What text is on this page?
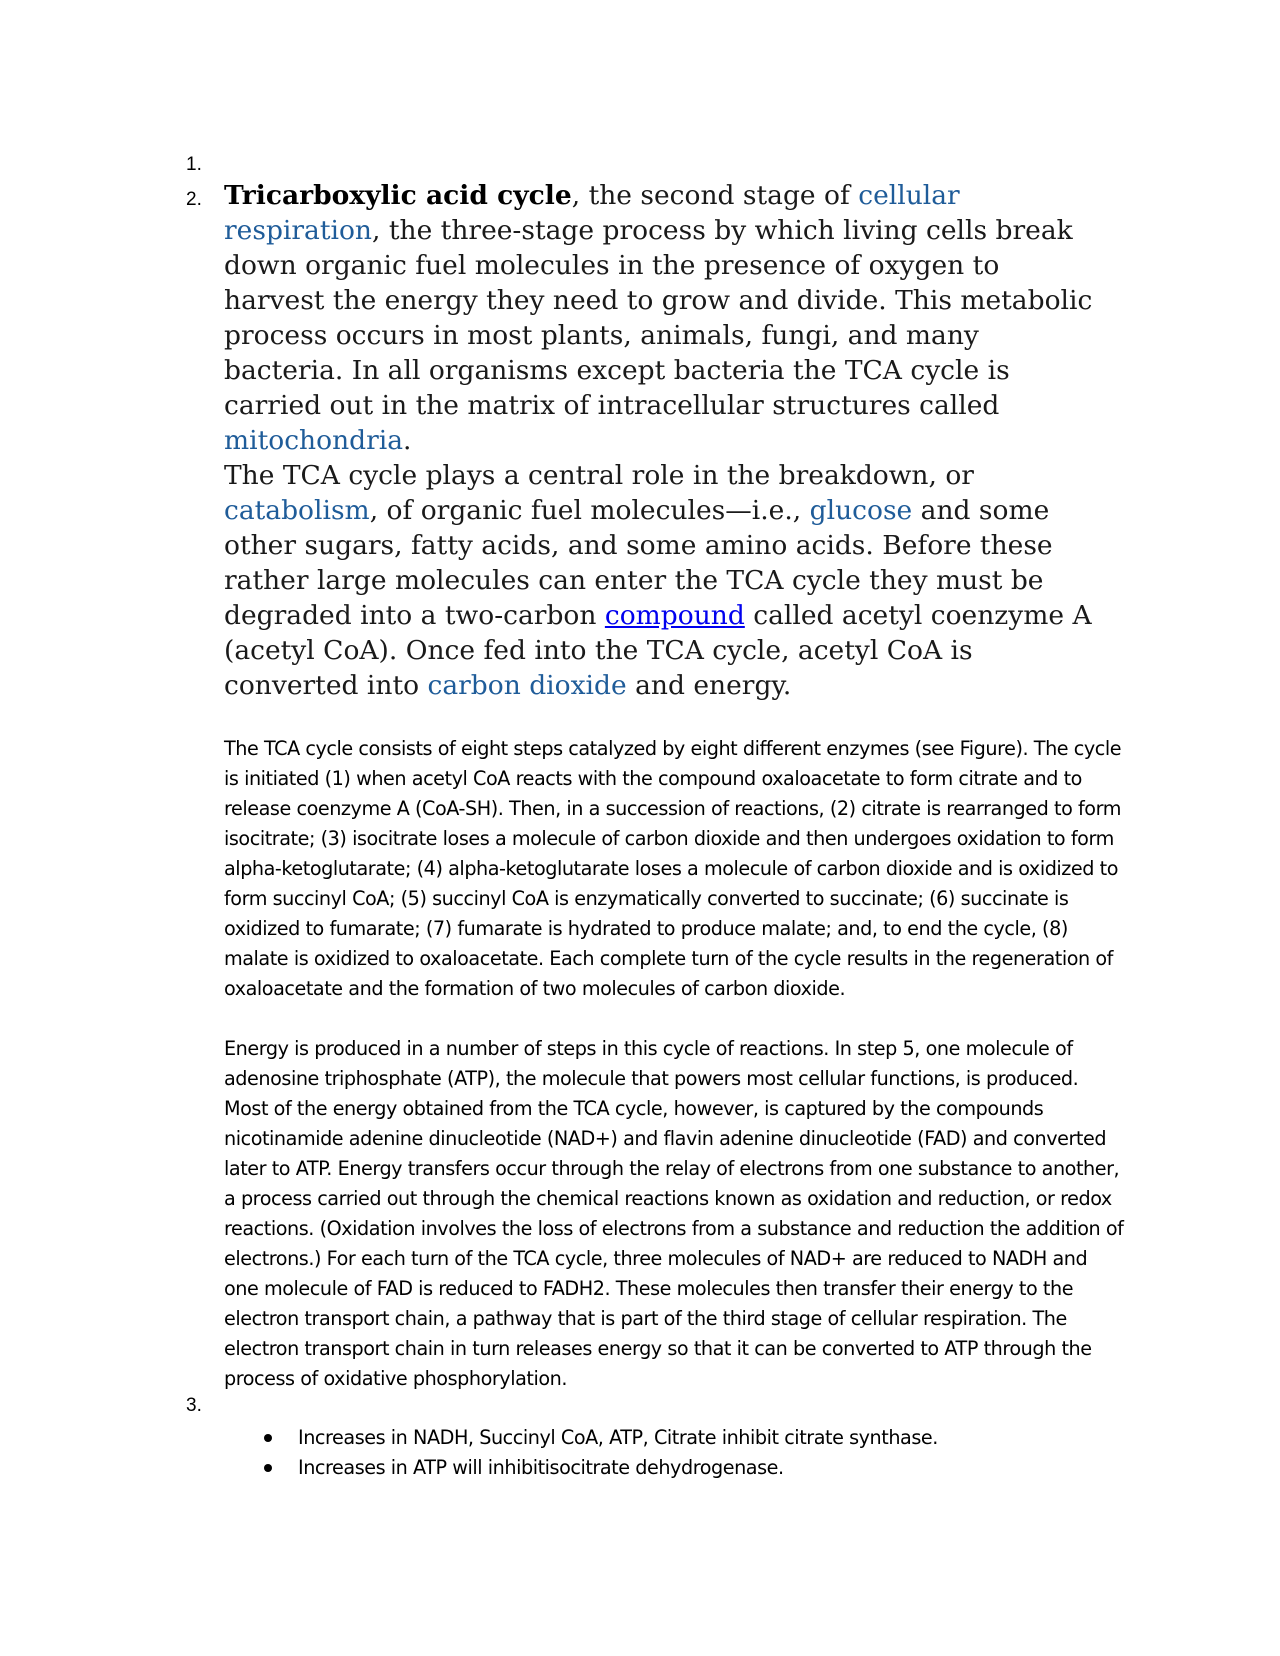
1.
2. Tricarboxylic acid cycle, the second stage of cellular respiration, the three-stage process by which living cells break down organic fuel molecules in the presence of oxygen to harvest the energy they need to grow and divide. This metabolic process occurs in most plants, animals, fungi, and many bacteria. In all organisms except bacteria the TCA cycle is carried out in the matrix of intracellular structures called mitochondria.

The TCA cycle plays a central role in the breakdown, or catabolism, of organic fuel molecules—i.e., glucose and some other sugars, fatty acids, and some amino acids. Before these rather large molecules can enter the TCA cycle they must be degraded into a two-carbon compound called acetyl coenzyme A (acetyl CoA). Once fed into the TCA cycle, acetyl CoA is converted into carbon dioxide and energy.

The TCA cycle consists of eight steps catalyzed by eight different enzymes (see Figure). The cycle is initiated (1) when acetyl CoA reacts with the compound oxaloacetate to form citrate and to release coenzyme A (CoA-SH). Then, in a succession of reactions, (2) citrate is rearranged to form isocitrate; (3) isocitrate loses a molecule of carbon dioxide and then undergoes oxidation to form alpha-ketoglutarate; (4) alpha-ketoglutarate loses a molecule of carbon dioxide and is oxidized to form succinyl CoA; (5) succinyl CoA is enzymatically converted to succinate; (6) succinate is oxidized to fumarate; (7) fumarate is hydrated to produce malate; and, to end the cycle, (8) malate is oxidized to oxaloacetate. Each complete turn of the cycle results in the regeneration of oxaloacetate and the formation of two molecules of carbon dioxide.

Energy is produced in a number of steps in this cycle of reactions. In step 5, one molecule of adenosine triphosphate (ATP), the molecule that powers most cellular functions, is produced. Most of the energy obtained from the TCA cycle, however, is captured by the compounds nicotinamide adenine dinucleotide (NAD+) and flavin adenine dinucleotide (FAD) and converted later to ATP. Energy transfers occur through the relay of electrons from one substance to another, a process carried out through the chemical reactions known as oxidation and reduction, or redox reactions. (Oxidation involves the loss of electrons from a substance and reduction the addition of electrons.) For each turn of the TCA cycle, three molecules of NAD+ are reduced to NADH and one molecule of FAD is reduced to FADH2. These molecules then transfer their energy to the electron transport chain, a pathway that is part of the third stage of cellular respiration. The electron transport chain in turn releases energy so that it can be converted to ATP through the process of oxidative phosphorylation.

3.
Increases in NADH, Succinyl CoA, ATP, Citrate inhibit citrate synthase.
Increases in ATP will inhibitisocitrate dehydrogenase.
